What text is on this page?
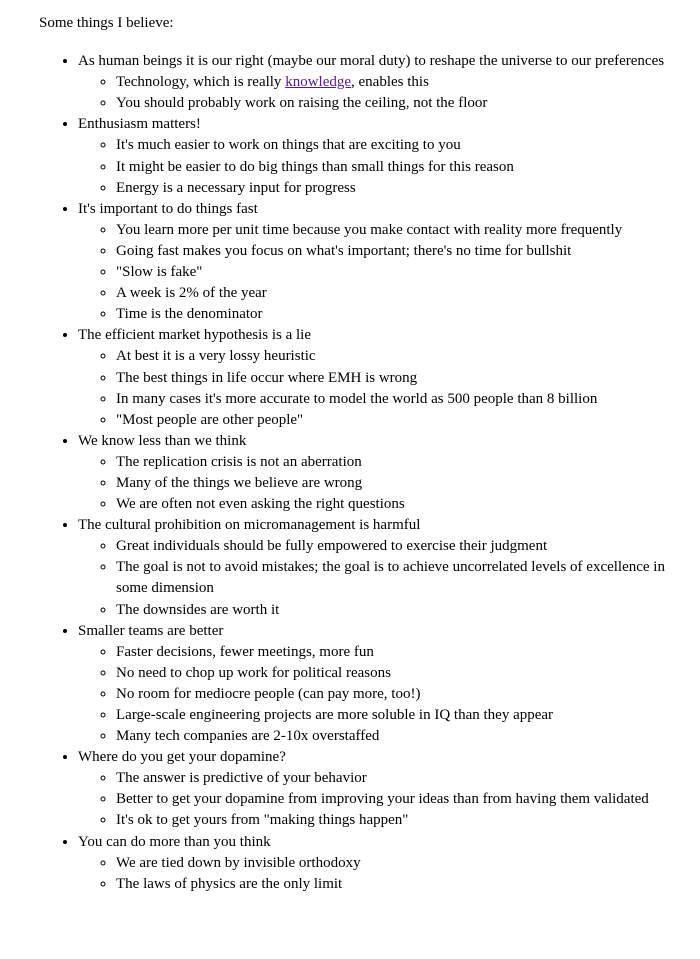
Some things I believe:

• As human beings it is our right (maybe our moral duty) to reshape the universe to our preferences
◦ Technology, which is really knowledge, enables this
◦ You should probably work on raising the ceiling, not the floor
• Enthusiasm matters!
◦ It's much easier to work on things that are exciting to you
◦ It might be easier to do big things than small things for this reason
◦ Energy is a necessary input for progress
• It's important to do things fast
◦ You learn more per unit time because you make contact with reality more frequently
◦ Going fast makes you focus on what's important; there's no time for bullshit
◦ "Slow is fake"
◦ A week is 2% of the year
◦ Time is the denominator
• The efficient market hypothesis is a lie
◦ At best it is a very lossy heuristic
◦ The best things in life occur where EMH is wrong
◦ In many cases it's more accurate to model the world as 500 people than 8 billion
◦ "Most people are other people"
• We know less than we think
◦ The replication crisis is not an aberration
◦ Many of the things we believe are wrong
◦ We are often not even asking the right questions
• The cultural prohibition on micromanagement is harmful
◦ Great individuals should be fully empowered to exercise their judgment
◦ The goal is not to avoid mistakes; the goal is to achieve uncorrelated levels of excellence in some dimension
◦ The downsides are worth it
• Smaller teams are better
◦ Faster decisions, fewer meetings, more fun
◦ No need to chop up work for political reasons
◦ No room for mediocre people (can pay more, too!)
◦ Large-scale engineering projects are more soluble in IQ than they appear
◦ Many tech companies are 2-10x overstaffed
• Where do you get your dopamine?
◦ The answer is predictive of your behavior
◦ Better to get your dopamine from improving your ideas than from having them validated
◦ It's ok to get yours from "making things happen"
• You can do more than you think
◦ We are tied down by invisible orthodoxy
◦ The laws of physics are the only limit
